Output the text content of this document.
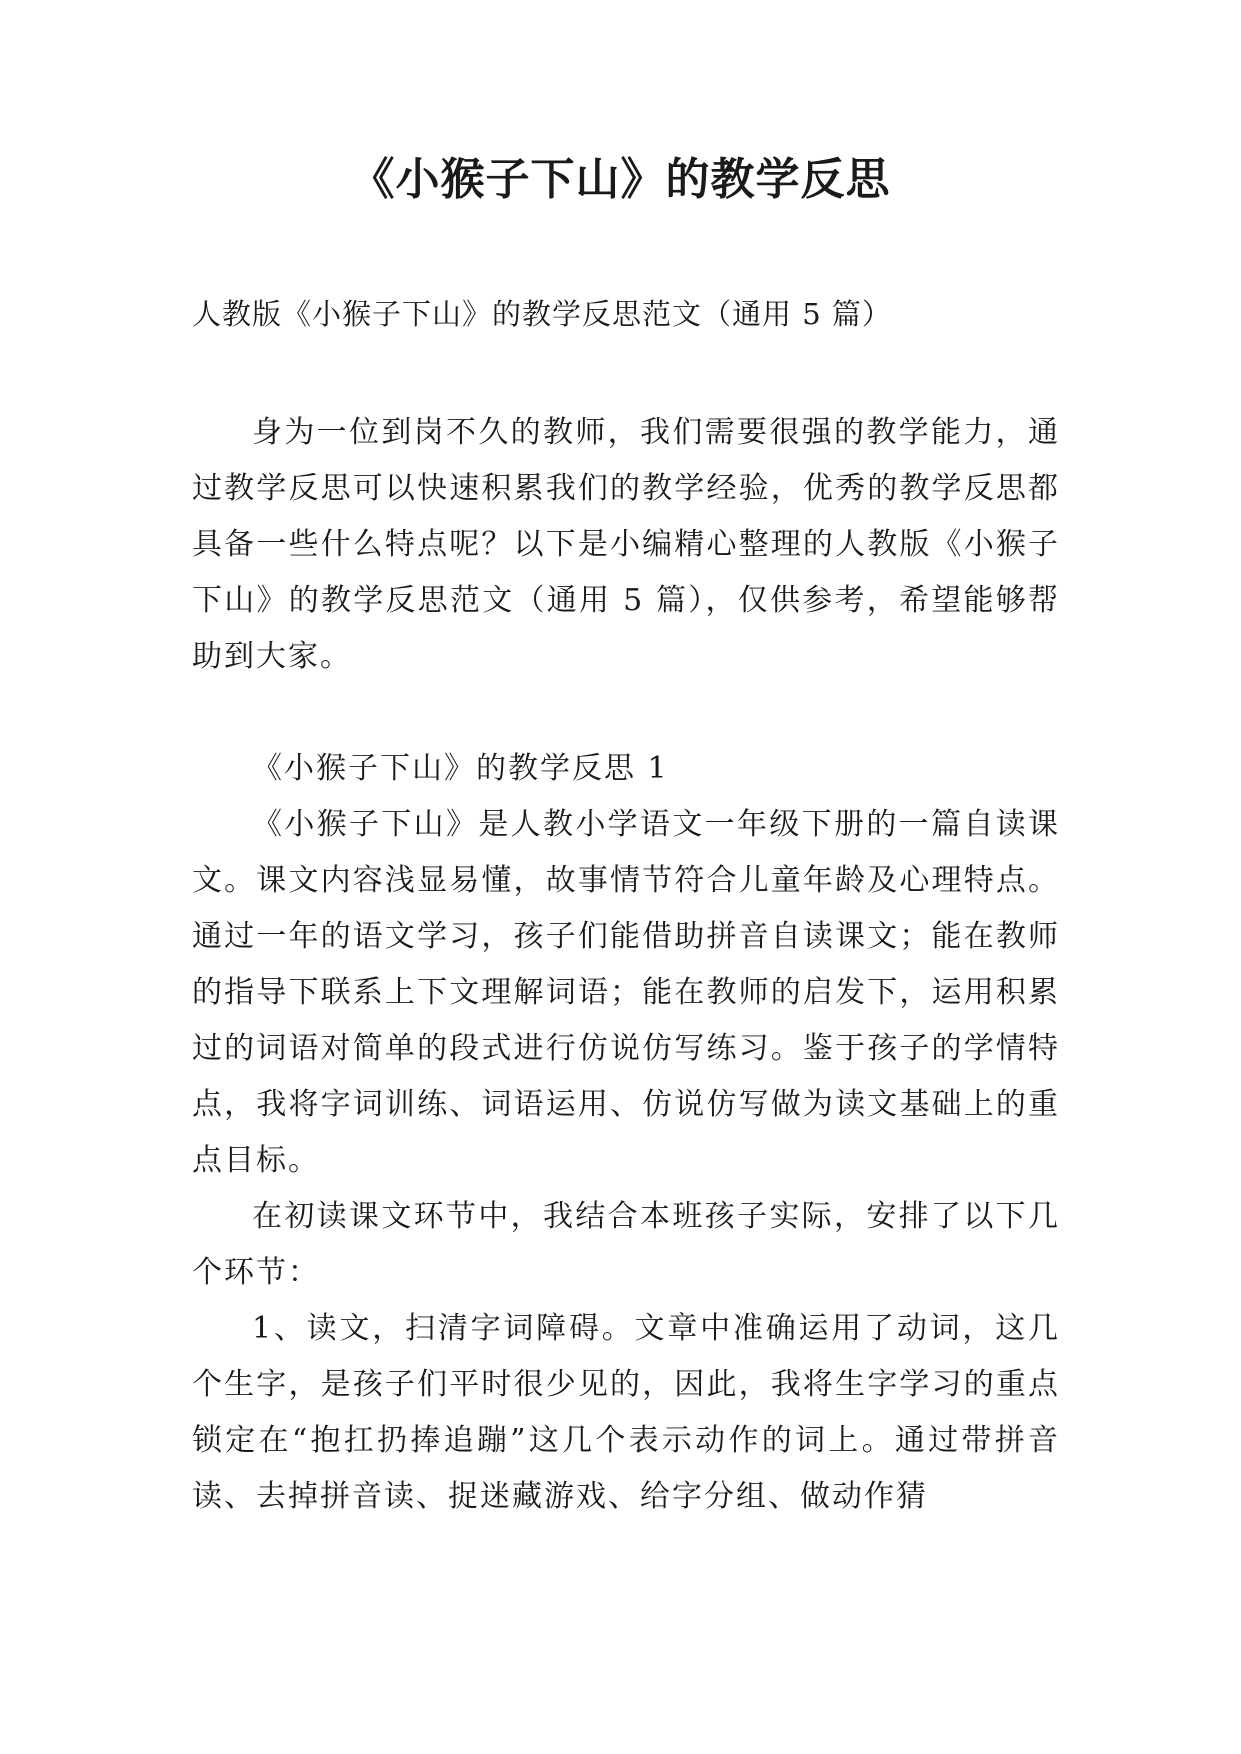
《小猴子下山》的教学反思

人教版《小猴子下山》的教学反思范文（通用 5 篇）

身为一位到岗不久的教师，我们需要很强的教学能力，通过教学反思可以快速积累我们的教学经验，优秀的教学反思都具备一些什么特点呢？以下是小编精心整理的人教版《小猴子下山》的教学反思范文（通用 5 篇），仅供参考，希望能够帮助到大家。

《小猴子下山》的教学反思 1

《小猴子下山》是人教小学语文一年级下册的一篇自读课文。课文内容浅显易懂，故事情节符合儿童年龄及心理特点。通过一年的语文学习，孩子们能借助拼音自读课文；能在教师的指导下联系上下文理解词语；能在教师的启发下，运用积累过的词语对简单的段式进行仿说仿写练习。鉴于孩子的学情特点，我将字词训练、词语运用、仿说仿写做为读文基础上的重点目标。

在初读课文环节中，我结合本班孩子实际，安排了以下几个环节：

1、读文，扫清字词障碍。文章中准确运用了动词，这几个生字，是孩子们平时很少见的，因此，我将生字学习的重点锁定在“抱扛扔捧追蹦”这几个表示动作的词上。通过带拼音读、去掉拼音读、捉迷藏游戏、给字分组、做动作猜
